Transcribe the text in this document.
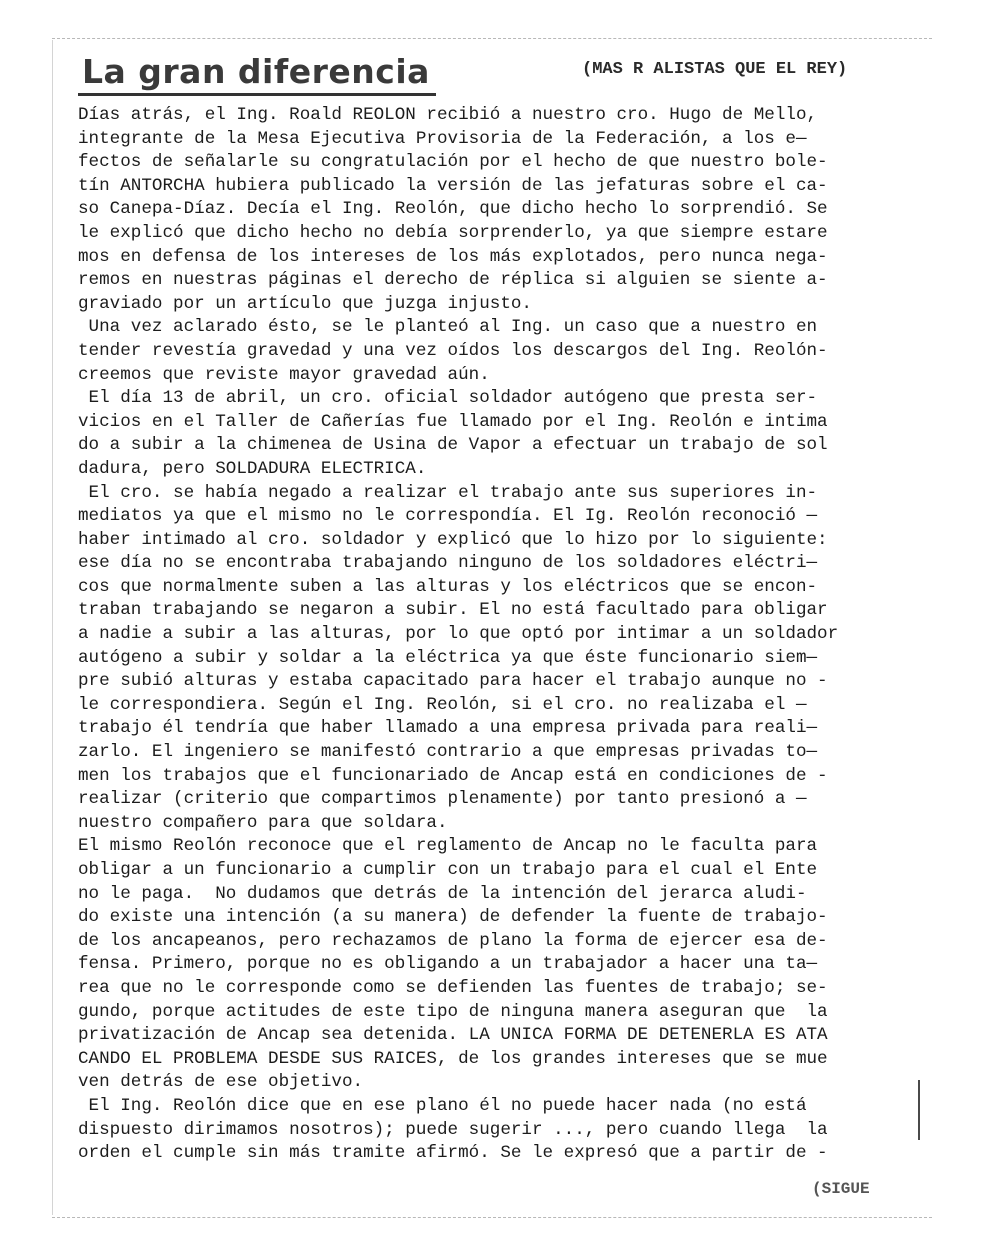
La gran diferencia	(MAS R ALISTAS QUE EL REY)
Días atrás, el Ing. Roald REOLON recibió a nuestro cro. Hugo de Mello,
integrante de la Mesa Ejecutiva Provisoria de la Federación, a los e—
fectos de señalarle su congratulación por el hecho de que nuestro bole-
tín ANTORCHA hubiera publicado la versión de las jefaturas sobre el ca-
so Canepa-Díaz. Decía el Ing. Reolón, que dicho hecho lo sorprendió. Se
le explicó que dicho hecho no debía sorprenderlo, ya que siempre estare
mos en defensa de los intereses de los más explotados, pero nunca nega-
remos en nuestras páginas el derecho de réplica si alguien se siente a-
graviado por un artículo que juzga injusto.
Una vez aclarado ésto, se le planteó al Ing. un caso que a nuestro en
tender revestía gravedad y una vez oídos los descargos del Ing. Reolón-
creemos que reviste mayor gravedad aún.
El día 13 de abril, un cro. oficial soldador autógeno que presta ser-
vicios en el Taller de Cañerías fue llamado por el Ing. Reolón e intima
do a subir a la chimenea de Usina de Vapor a efectuar un trabajo de sol
dadura, pero SOLDADURA ELECTRICA.
El cro. se había negado a realizar el trabajo ante sus superiores in-
mediatos ya que el mismo no le correspondía. El Ig. Reolón reconoció —
haber intimado al cro. soldador y explicó que lo hizo por lo siguiente:
ese día no se encontraba trabajando ninguno de los soldadores eléctri—
cos que normalmente suben a las alturas y los eléctricos que se encon-
traban trabajando se negaron a subir. El no está facultado para obligar
a nadie a subir a las alturas, por lo que optó por intimar a un soldador
autógeno a subir y soldar a la eléctrica ya que éste funcionario siem—
pre subió alturas y estaba capacitado para hacer el trabajo aunque no -
le correspondiera. Según el Ing. Reolón, si el cro. no realizaba el —
trabajo él tendría que haber llamado a una empresa privada para reali—
zarlo. El ingeniero se manifestó contrario a que empresas privadas to—
men los trabajos que el funcionariado de Ancap está en condiciones de -
realizar (criterio que compartimos plenamente) por tanto presionó a —
nuestro compañero para que soldara.
El mismo Reolón reconoce que el reglamento de Ancap no le faculta para
obligar a un funcionario a cumplir con un trabajo para el cual el Ente
no le paga.  No dudamos que detrás de la intención del jerarca aludi-
do existe una intención (a su manera) de defender la fuente de trabajo-
de los ancapeanos, pero rechazamos de plano la forma de ejercer esa de-
fensa. Primero, porque no es obligando a un trabajador a hacer una ta—
rea que no le corresponde como se defienden las fuentes de trabajo; se-
gundo, porque actitudes de este tipo de ninguna manera aseguran que  la
privatización de Ancap sea detenida. LA UNICA FORMA DE DETENERLA ES ATA
CANDO EL PROBLEMA DESDE SUS RAICES, de los grandes intereses que se mue
ven detrás de ese objetivo.
El Ing. Reolón dice que en ese plano él no puede hacer nada (no está
dispuesto dirimamos nosotros); puede sugerir ..., pero cuando llega  la
orden el cumple sin más tramite afirmó. Se le expresó que a partir de -
(SIGUE
